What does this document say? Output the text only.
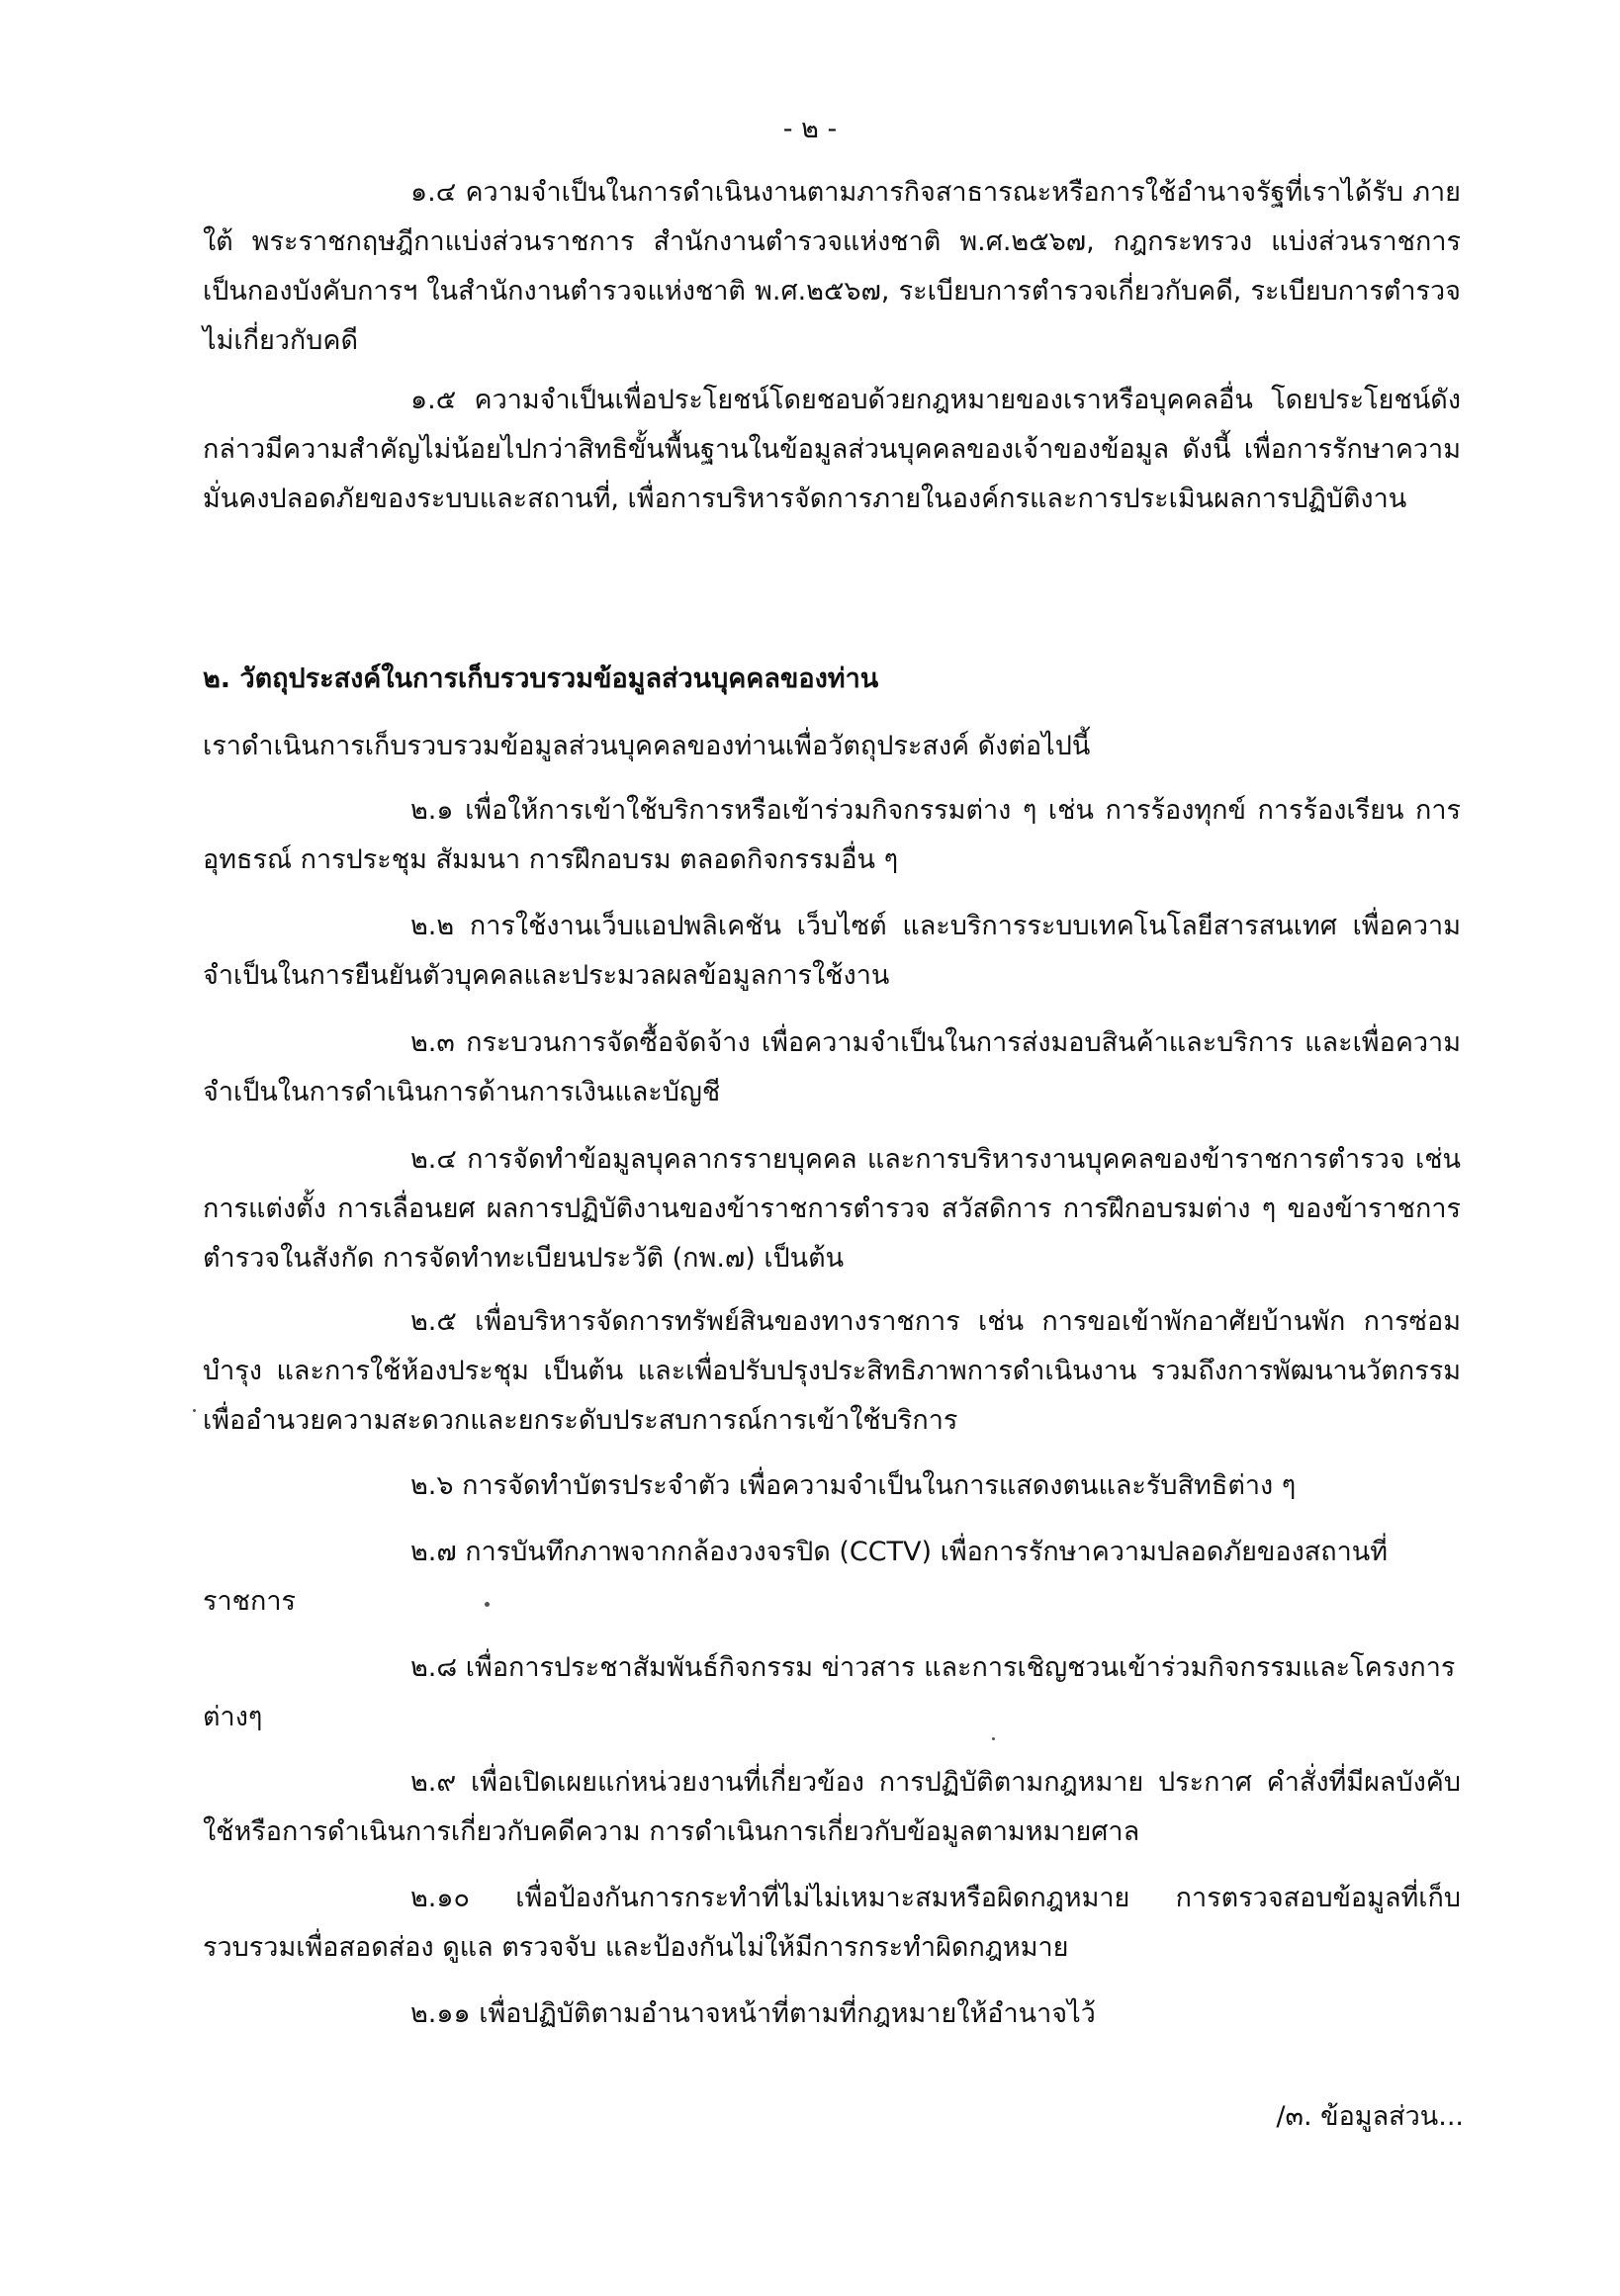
- ๒ -

๑.๔ ความจำเป็นในการดำเนินงานตามภารกิจสาธารณะหรือการใช้อำนาจรัฐที่เราได้รับ ภายใต้ พระราชกฤษฎีกาแบ่งส่วนราชการ สำนักงานตำรวจแห่งชาติ พ.ศ.๒๕๖๗, กฎกระทรวง แบ่งส่วนราชการเป็นกองบังคับการฯ ในสำนักงานตำรวจแห่งชาติ พ.ศ.๒๕๖๗, ระเบียบการตำรวจเกี่ยวกับคดี, ระเบียบการตำรวจไม่เกี่ยวกับคดี

๑.๕ ความจำเป็นเพื่อประโยชน์โดยชอบด้วยกฎหมายของเราหรือบุคคลอื่น โดยประโยชน์ดังกล่าวมีความสำคัญไม่น้อยไปกว่าสิทธิขั้นพื้นฐานในข้อมูลส่วนบุคคลของเจ้าของข้อมูล ดังนี้ เพื่อการรักษาความมั่นคงปลอดภัยของระบบและสถานที่, เพื่อการบริหารจัดการภายในองค์กรและการประเมินผลการปฏิบัติงาน

๒. วัตถุประสงค์ในการเก็บรวบรวมข้อมูลส่วนบุคคลของท่าน

เราดำเนินการเก็บรวบรวมข้อมูลส่วนบุคคลของท่านเพื่อวัตถุประสงค์ ดังต่อไปนี้

๒.๑ เพื่อให้การเข้าใช้บริการหรือเข้าร่วมกิจกรรมต่าง ๆ เช่น การร้องทุกข์ การร้องเรียน การอุทธรณ์ การประชุม สัมมนา การฝึกอบรม ตลอดกิจกรรมอื่น ๆ

๒.๒ การใช้งานเว็บแอปพลิเคชัน เว็บไซต์ และบริการระบบเทคโนโลยีสารสนเทศ เพื่อความจำเป็นในการยืนยันตัวบุคคลและประมวลผลข้อมูลการใช้งาน

๒.๓ กระบวนการจัดซื้อจัดจ้าง เพื่อความจำเป็นในการส่งมอบสินค้าและบริการ และเพื่อความจำเป็นในการดำเนินการด้านการเงินและบัญชี

๒.๔ การจัดทำข้อมูลบุคลากรรายบุคคล และการบริหารงานบุคคลของข้าราชการตำรวจ เช่น การแต่งตั้ง การเลื่อนยศ ผลการปฏิบัติงานของข้าราชการตำรวจ สวัสดิการ การฝึกอบรมต่าง ๆ ของข้าราชการตำรวจในสังกัด การจัดทำทะเบียนประวัติ (กพ.๗) เป็นต้น

๒.๕ เพื่อบริหารจัดการทรัพย์สินของทางราชการ เช่น การขอเข้าพักอาศัยบ้านพัก การซ่อมบำรุง และการใช้ห้องประชุม เป็นต้น และเพื่อปรับปรุงประสิทธิภาพการดำเนินงาน รวมถึงการพัฒนานวัตกรรมเพื่ออำนวยความสะดวกและยกระดับประสบการณ์การเข้าใช้บริการ

๒.๖ การจัดทำบัตรประจำตัว เพื่อความจำเป็นในการแสดงตนและรับสิทธิต่าง ๆ

๒.๗ การบันทึกภาพจากกล้องวงจรปิด (CCTV) เพื่อการรักษาความปลอดภัยของสถานที่

ราชการ

๒.๘ เพื่อการประชาสัมพันธ์กิจกรรม ข่าวสาร และการเชิญชวนเข้าร่วมกิจกรรมและโครงการ

ต่างๆ

๒.๙ เพื่อเปิดเผยแก่หน่วยงานที่เกี่ยวข้อง การปฏิบัติตามกฎหมาย ประกาศ คำสั่งที่มีผลบังคับใช้หรือการดำเนินการเกี่ยวกับคดีความ การดำเนินการเกี่ยวกับข้อมูลตามหมายศาล

๒.๑๐ เพื่อป้องกันการกระทำที่ไม่ไม่เหมาะสมหรือผิดกฎหมาย การตรวจสอบข้อมูลที่เก็บรวบรวมเพื่อสอดส่อง ดูแล ตรวจจับ และป้องกันไม่ให้มีการกระทำผิดกฎหมาย

๒.๑๑ เพื่อปฏิบัติตามอำนาจหน้าที่ตามที่กฎหมายให้อำนาจไว้

/๓. ข้อมูลส่วน...
